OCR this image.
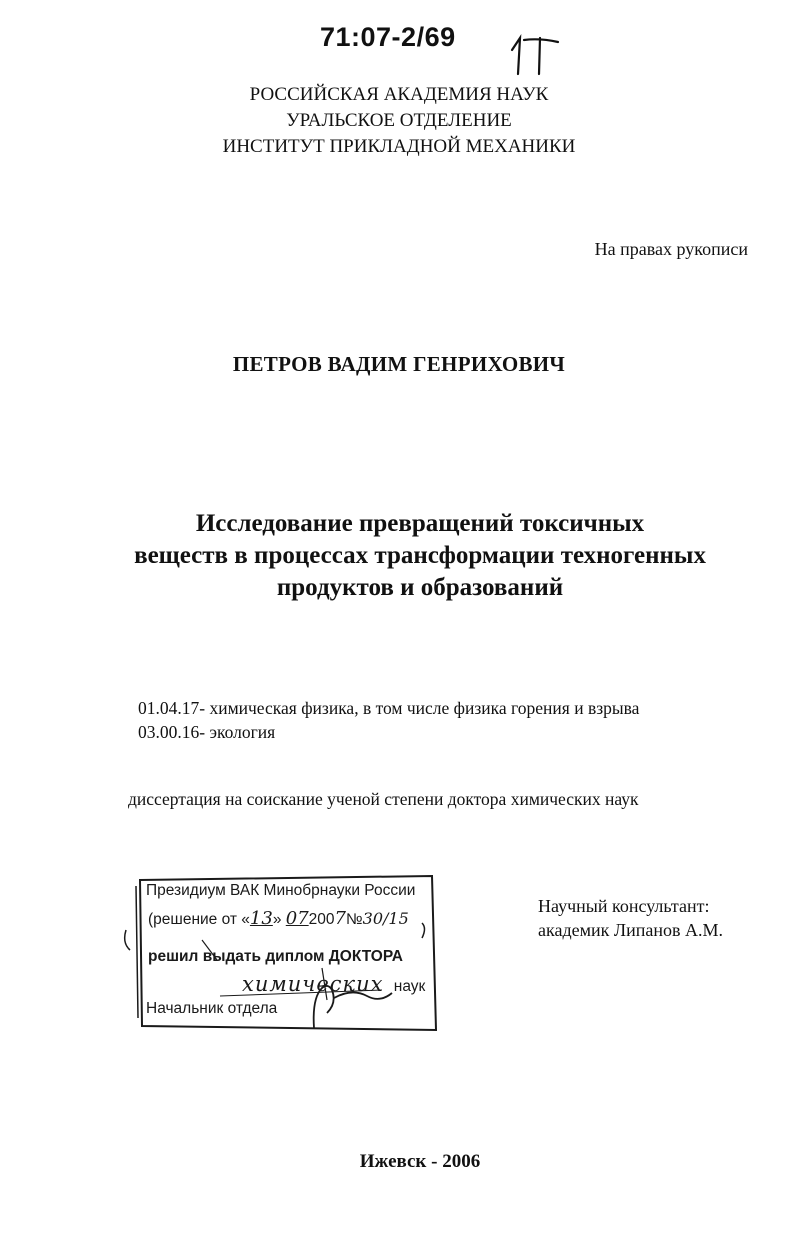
71:07-2/69
РОССИЙСКАЯ АКАДЕМИЯ НАУК
УРАЛЬСКОЕ ОТДЕЛЕНИЕ
ИНСТИТУТ ПРИКЛАДНОЙ МЕХАНИКИ
На правах рукописи
ПЕТРОВ ВАДИМ ГЕНРИХОВИЧ
Исследование превращений токсичных
веществ в процессах трансформации техногенных
продуктов и образований
01.04.17- химическая физика, в том числе физика горения и взрыва
03.00.16- экология
диссертация на соискание ученой степени доктора химических наук
Президиум ВАК Минобрнауки России
(решение от «13» 072007№30/15
решил выдать диплом ДОКТОРА
химических наук
Начальник отдела
Научный консультант:
академик Липанов А.М.
Ижевск - 2006
